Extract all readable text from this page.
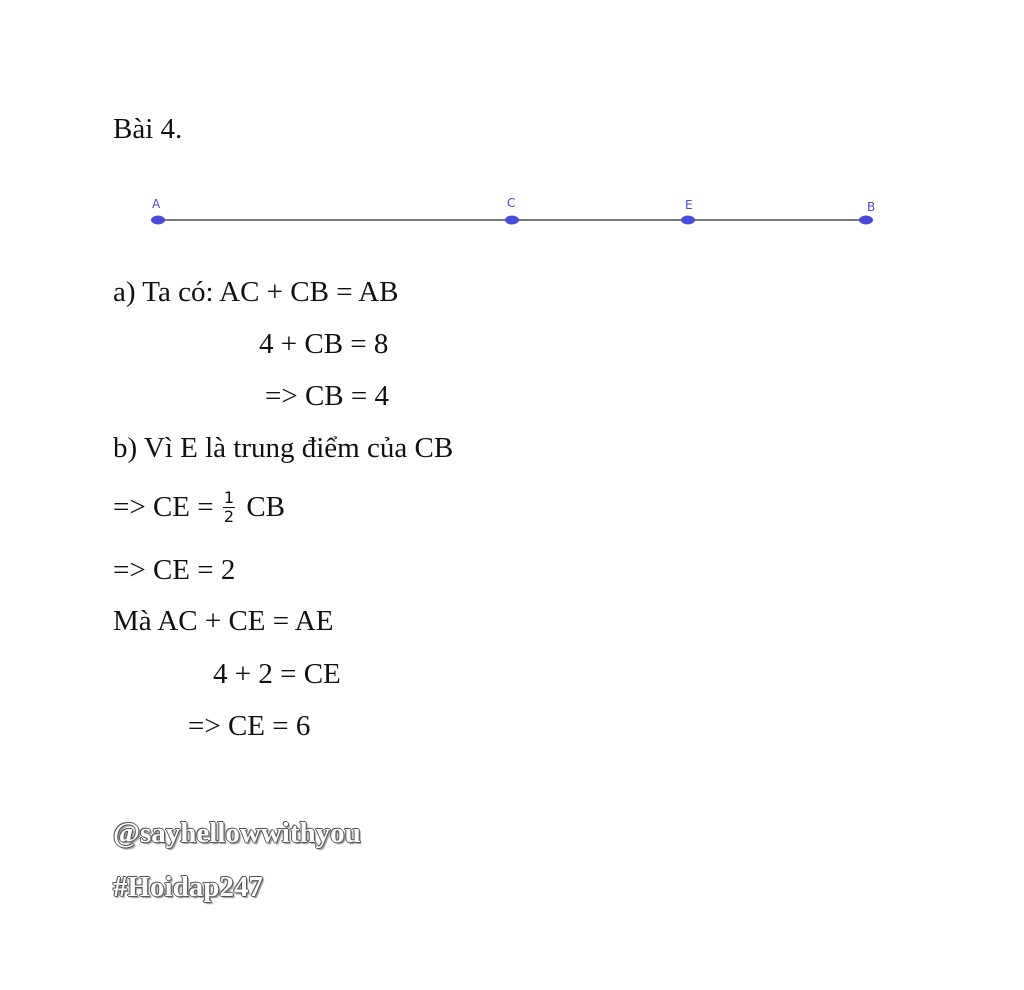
Bài 4.
A	C	E	B
a) Ta có: AC + CB = AB
4 + CB = 8
=> CB = 4
b) Vì E là trung điểm của CB
=> CE = $\frac{1}{2}$ CB
=> CE = 2
Mà AC + CE = AE
4 + 2 = CE
=> CE = 6
@sayhellowwithyou
#Hoidap247
